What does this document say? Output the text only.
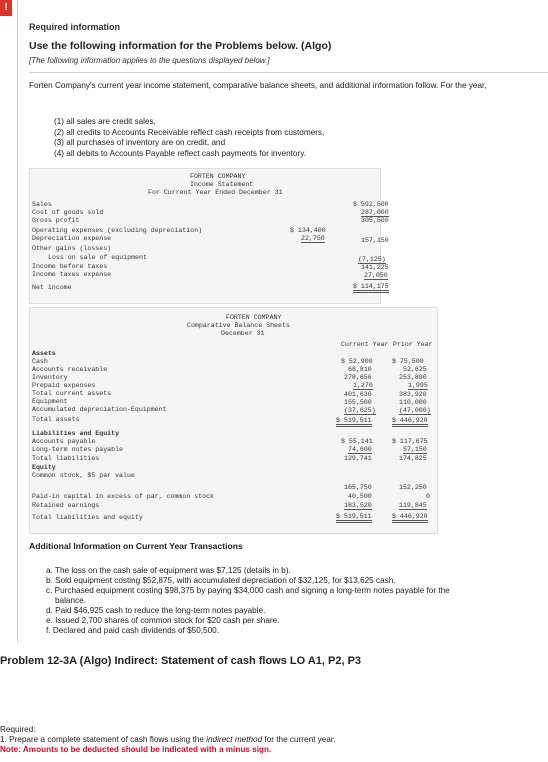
!
Required information
Use the following information for the Problems below. (Algo)
[The following information applies to the questions displayed below.]
Forten Company's current year income statement, comparative balance sheets, and additional information follow. For the year,
(1) all sales are credit sales,
(2) all credits to Accounts Receivable reflect cash receipts from customers,
(3) all purchases of inventory are on credit, and
(4) all debits to Accounts Payable reflect cash payments for inventory.
FORTEN COMPANY
Income Statement
For Current Year Ended December 31
Sales	$ 592,500
Cost of goods sold	287,000
Gross profit	305,500
Operating expenses (excluding depreciation)	$ 134,400
Depreciation expense	22,750	157,150
Other gains (losses)
Loss on sale of equipment	(7,125)
Income before taxes	141,225
Income taxes expense	27,050
Net income	$ 114,175
FORTEN COMPANY
Comparative Balance Sheets
December 31
Current Year Prior Year
Assets
Cash	$ 52,900	$ 75,500
Accounts receivable	68,810	52,625
Inventory	278,656	253,800
Prepaid expenses	1,270	1,995
Total current assets	401,636	383,920
Equipment	155,500	110,000
Accumulated depreciation-Equipment	(37,625)	(47,000)
Total assets	$ 519,511	$ 446,920
Liabilities and Equity
Accounts payable	$ 55,141	$ 117,675
Long-term notes payable	74,600	57,150
Total liabilities	129,741	174,825
Equity
Common stock, $5 par value
165,750	152,250
Paid-in capital in excess of par, common stock	40,500	0
Retained earnings	183,520	119,845
Total liabilities and equity	$ 519,511	$ 446,920
Additional Information on Current Year Transactions
a. The loss on the cash sale of equipment was $7,125 (details in b).
b. Sold equipment costing $52,875, with accumulated depreciation of $32,125, for $13,625 cash.
c. Purchased equipment costing $98,375 by paying $34,000 cash and signing a long-term notes payable for the
balance.
d. Paid $46,925 cash to reduce the long-term notes payable.
e. Issued 2,700 shares of common stock for $20 cash per share.
f. Declared and paid cash dividends of $50,500.
Problem 12-3A (Algo) Indirect: Statement of cash flows LO A1, P2, P3
Required:
1. Prepare a complete statement of cash flows using the indirect method for the current year.
Note: Amounts to be deducted should be indicated with a minus sign.
